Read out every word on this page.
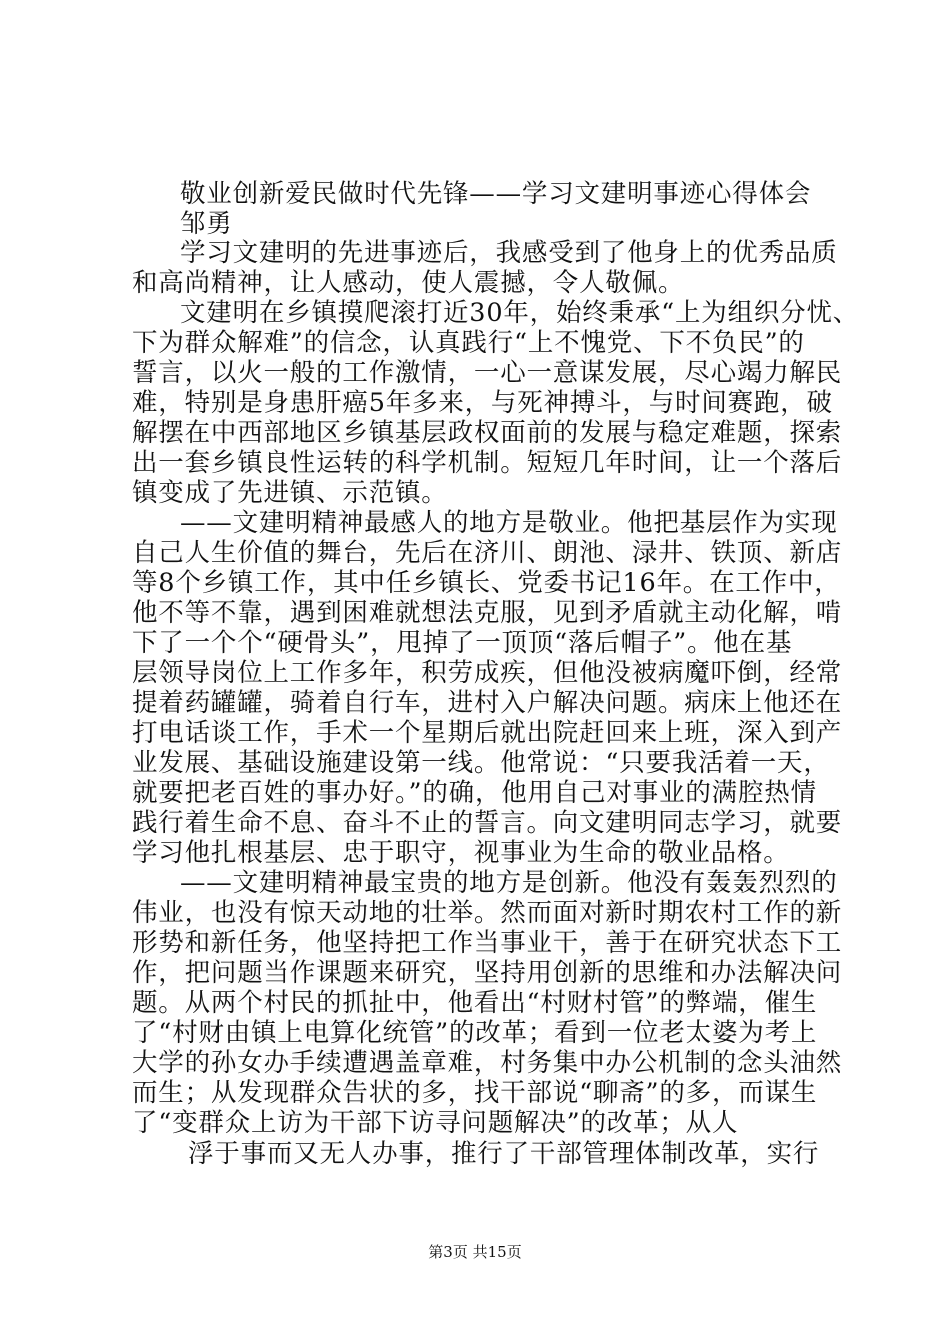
敬业创新爱民做时代先锋——学习文建明事迹心得体会
邹勇
学习文建明的先进事迹后，我感受到了他身上的优秀品质
和高尚精神，让人感动，使人震撼，令人敬佩。
文建明在乡镇摸爬滚打近30年，始终秉承“上为组织分忧、
下为群众解难”的信念，认真践行“上不愧党、下不负民”的
誓言，以火一般的工作激情，一心一意谋发展，尽心竭力解民
难，特别是身患肝癌5年多来，与死神搏斗，与时间赛跑，破
解摆在中西部地区乡镇基层政权面前的发展与稳定难题，探索
出一套乡镇良性运转的科学机制。短短几年时间，让一个落后
镇变成了先进镇、示范镇。
——文建明精神最感人的地方是敬业。他把基层作为实现
自己人生价值的舞台，先后在济川、朗池、渌井、铁顶、新店
等8个乡镇工作，其中任乡镇长、党委书记16年。在工作中，
他不等不靠，遇到困难就想法克服，见到矛盾就主动化解，啃
下了一个个“硬骨头”，甩掉了一顶顶“落后帽子”。他在基
层领导岗位上工作多年，积劳成疾，但他没被病魔吓倒，经常
提着药罐罐，骑着自行车，进村入户解决问题。病床上他还在
打电话谈工作，手术一个星期后就出院赶回来上班，深入到产
业发展、基础设施建设第一线。他常说：“只要我活着一天，
就要把老百姓的事办好。”的确，他用自己对事业的满腔热情
践行着生命不息、奋斗不止的誓言。向文建明同志学习，就要
学习他扎根基层、忠于职守，视事业为生命的敬业品格。
——文建明精神最宝贵的地方是创新。他没有轰轰烈烈的
伟业，也没有惊天动地的壮举。然而面对新时期农村工作的新
形势和新任务，他坚持把工作当事业干，善于在研究状态下工
作，把问题当作课题来研究，坚持用创新的思维和办法解决问
题。从两个村民的抓扯中，他看出“村财村管”的弊端，催生
了“村财由镇上电算化统管”的改革；看到一位老太婆为考上
大学的孙女办手续遭遇盖章难，村务集中办公机制的念头油然
而生；从发现群众告状的多，找干部说“聊斋”的多，而谋生
了“变群众上访为干部下访寻问题解决”的改革；从人
浮于事而又无人办事，推行了干部管理体制改革，实行
第3页 共15页
